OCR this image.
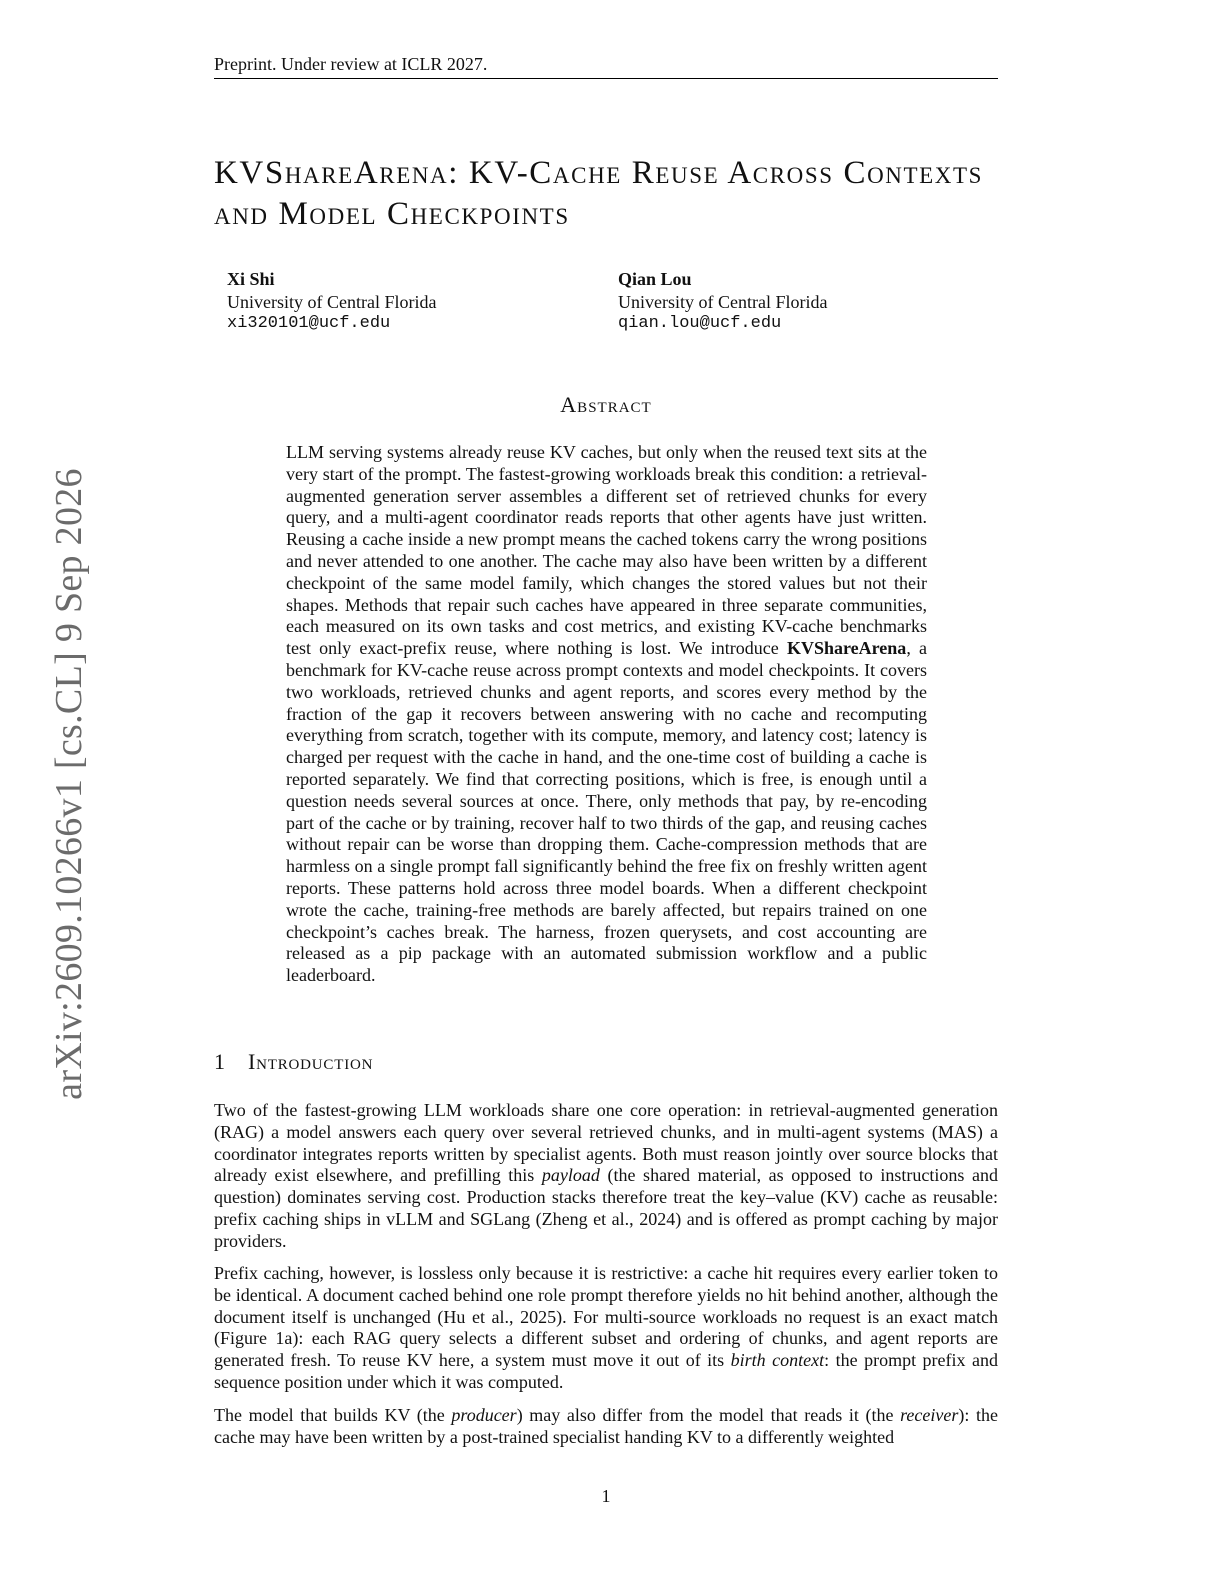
Preprint. Under review at ICLR 2027.
arXiv:2609.10266v1 [cs.CL] 9 Sep 2026
KVShareArena: KV-Cache Reuse Across Contexts and Model Checkpoints
Xi Shi
University of Central Florida
xi320101@ucf.edu
Qian Lou
University of Central Florida
qian.lou@ucf.edu
Abstract

LLM serving systems already reuse KV caches, but only when the reused text sits at the very start of the prompt. The fastest-growing workloads break this condition: a retrieval-augmented generation server assembles a different set of retrieved chunks for every query, and a multi-agent coordinator reads reports that other agents have just written. Reusing a cache inside a new prompt means the cached tokens carry the wrong positions and never attended to one another. The cache may also have been written by a different checkpoint of the same model family, which changes the stored values but not their shapes. Methods that repair such caches have appeared in three separate communities, each measured on its own tasks and cost metrics, and existing KV-cache benchmarks test only exact-prefix reuse, where nothing is lost. We introduce KVShareArena, a benchmark for KV-cache reuse across prompt contexts and model checkpoints. It covers two workloads, retrieved chunks and agent reports, and scores every method by the fraction of the gap it recovers between answering with no cache and recomputing everything from scratch, together with its compute, memory, and latency cost; latency is charged per request with the cache in hand, and the one-time cost of building a cache is reported separately. We find that correcting positions, which is free, is enough until a question needs several sources at once. There, only methods that pay, by re-encoding part of the cache or by training, recover half to two thirds of the gap, and reusing caches without repair can be worse than dropping them. Cache-compression methods that are harmless on a single prompt fall significantly behind the free fix on freshly written agent reports. These patterns hold across three model boards. When a different checkpoint wrote the cache, training-free methods are barely affected, but repairs trained on one checkpoint’s caches break. The harness, frozen querysets, and cost accounting are released as a pip package with an automated submission workflow and a public leaderboard.

1 Introduction

Two of the fastest-growing LLM workloads share one core operation: in retrieval-augmented generation (RAG) a model answers each query over several retrieved chunks, and in multi-agent systems (MAS) a coordinator integrates reports written by specialist agents. Both must reason jointly over source blocks that already exist elsewhere, and prefilling this payload (the shared material, as opposed to instructions and question) dominates serving cost. Production stacks therefore treat the key–value (KV) cache as reusable: prefix caching ships in vLLM and SGLang (Zheng et al., 2024) and is offered as prompt caching by major providers.

Prefix caching, however, is lossless only because it is restrictive: a cache hit requires every earlier token to be identical. A document cached behind one role prompt therefore yields no hit behind another, although the document itself is unchanged (Hu et al., 2025). For multi-source workloads no request is an exact match (Figure 1a): each RAG query selects a different subset and ordering of chunks, and agent reports are generated fresh. To reuse KV here, a system must move it out of its birth context: the prompt prefix and sequence position under which it was computed.

The model that builds KV (the producer) may also differ from the model that reads it (the receiver): the cache may have been written by a post-trained specialist handing KV to a differently weighted

1
